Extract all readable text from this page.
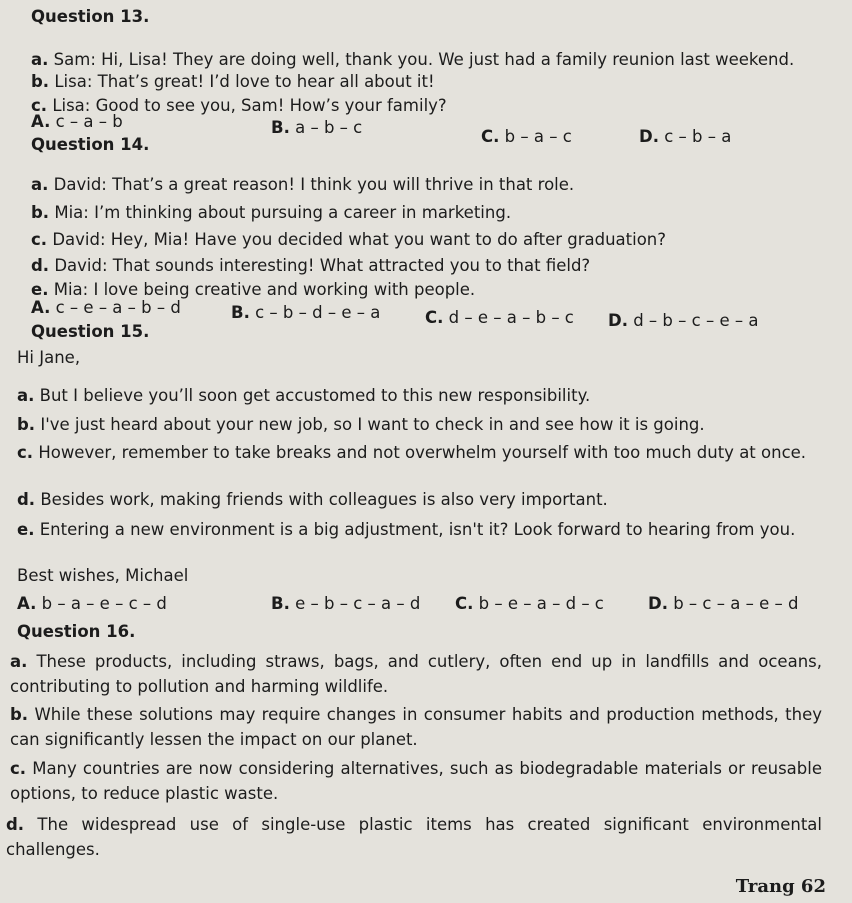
Question 13.
a. Sam: Hi, Lisa! They are doing well, thank you. We just had a family reunion last weekend.
b. Lisa: That’s great! I’d love to hear all about it!
c. Lisa: Good to see you, Sam! How’s your family?
A. c – a – b	B. a – b – c	C. b – a – c	D. c – b – a
Question 14.
a. David: That’s a great reason! I think you will thrive in that role.
b. Mia: I’m thinking about pursuing a career in marketing.
c. David: Hey, Mia! Have you decided what you want to do after graduation?
d. David: That sounds interesting! What attracted you to that field?
e. Mia: I love being creative and working with people.
A. c – e – a – b – d	B. c – b – d – e – a	C. d – e – a – b – c D. d – b – c – e – a
Question 15.
Hi Jane,
a. But I believe you’ll soon get accustomed to this new responsibility.
b. I've just heard about your new job, so I want to check in and see how it is going.
c. However, remember to take breaks and not overwhelm yourself with too much duty at once.
d. Besides work, making friends with colleagues is also very important.
e. Entering a new environment is a big adjustment, isn't it? Look forward to hearing from you.
Best wishes, Michael
A. b – a – e – c – d	B. e – b – c – a – d C. b – e – a – d – c	D. b – c – a – e – d
Question 16.
a. These products, including straws, bags, and cutlery, often end up in landfills and oceans, contributing to pollution and harming wildlife.
b. While these solutions may require changes in consumer habits and production methods, they can significantly lessen the impact on our planet.
c. Many countries are now considering alternatives, such as biodegradable materials or reusable options, to reduce plastic waste.
d. The widespread use of single-use plastic items has created significant environmental challenges.
Trang 62
